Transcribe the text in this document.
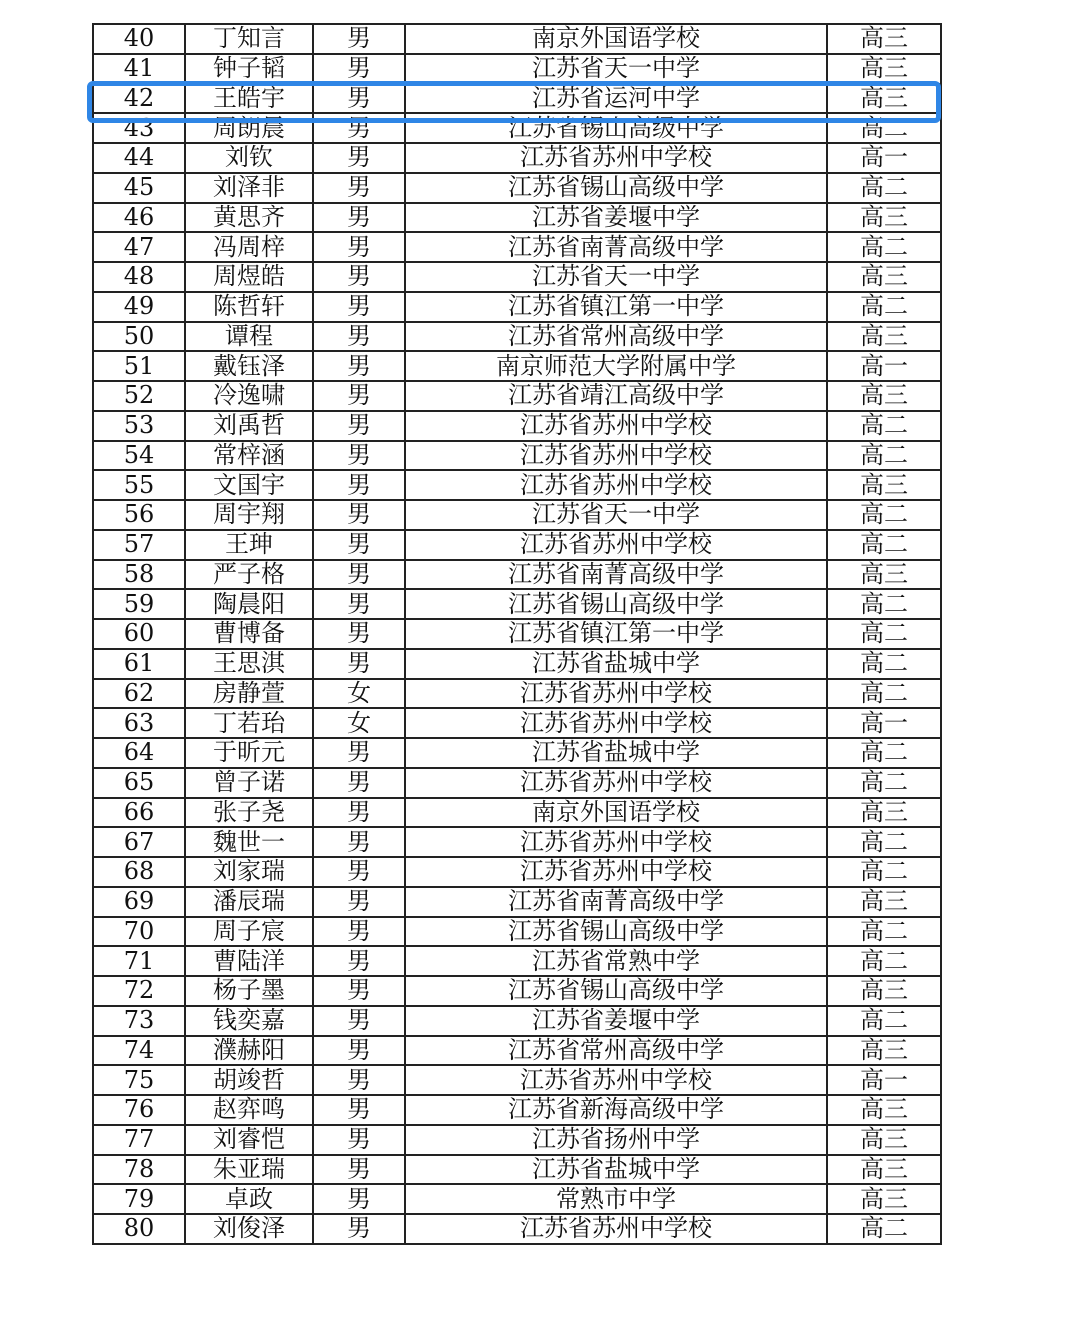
40	丁知言	男	南京外国语学校	高三
41	钟子韬	男	江苏省天一中学	高三
42	王皓宇	男	江苏省运河中学	高三
43	周朗晨	男	江苏省锡山高级中学	高二
44	刘钦	男	江苏省苏州中学校	高一
45	刘泽非	男	江苏省锡山高级中学	高二
46	黄思齐	男	江苏省姜堰中学	高三
47	冯周梓	男	江苏省南菁高级中学	高二
48	周煜皓	男	江苏省天一中学	高三
49	陈哲轩	男	江苏省镇江第一中学	高二
50	谭程	男	江苏省常州高级中学	高三
51	戴钰泽	男	南京师范大学附属中学	高一
52	冷逸啸	男	江苏省靖江高级中学	高三
53	刘禹哲	男	江苏省苏州中学校	高二
54	常梓涵	男	江苏省苏州中学校	高二
55	文国宇	男	江苏省苏州中学校	高三
56	周宇翔	男	江苏省天一中学	高二
57	王珅	男	江苏省苏州中学校	高二
58	严子格	男	江苏省南菁高级中学	高三
59	陶晨阳	男	江苏省锡山高级中学	高二
60	曹博备	男	江苏省镇江第一中学	高二
61	王思淇	男	江苏省盐城中学	高二
62	房静萱	女	江苏省苏州中学校	高二
63	丁若珆	女	江苏省苏州中学校	高一
64	于昕元	男	江苏省盐城中学	高二
65	曾子诺	男	江苏省苏州中学校	高二
66	张子尧	男	南京外国语学校	高三
67	魏世一	男	江苏省苏州中学校	高二
68	刘家瑞	男	江苏省苏州中学校	高二
69	潘辰瑞	男	江苏省南菁高级中学	高三
70	周子宸	男	江苏省锡山高级中学	高二
71	曹陆洋	男	江苏省常熟中学	高二
72	杨子墨	男	江苏省锡山高级中学	高三
73	钱奕嘉	男	江苏省姜堰中学	高二
74	濮赫阳	男	江苏省常州高级中学	高三
75	胡竣哲	男	江苏省苏州中学校	高一
76	赵弈鸣	男	江苏省新海高级中学	高三
77	刘睿恺	男	江苏省扬州中学	高三
78	朱亚瑞	男	江苏省盐城中学	高三
79	卓政	男	常熟市中学	高三
80	刘俊泽	男	江苏省苏州中学校	高二
